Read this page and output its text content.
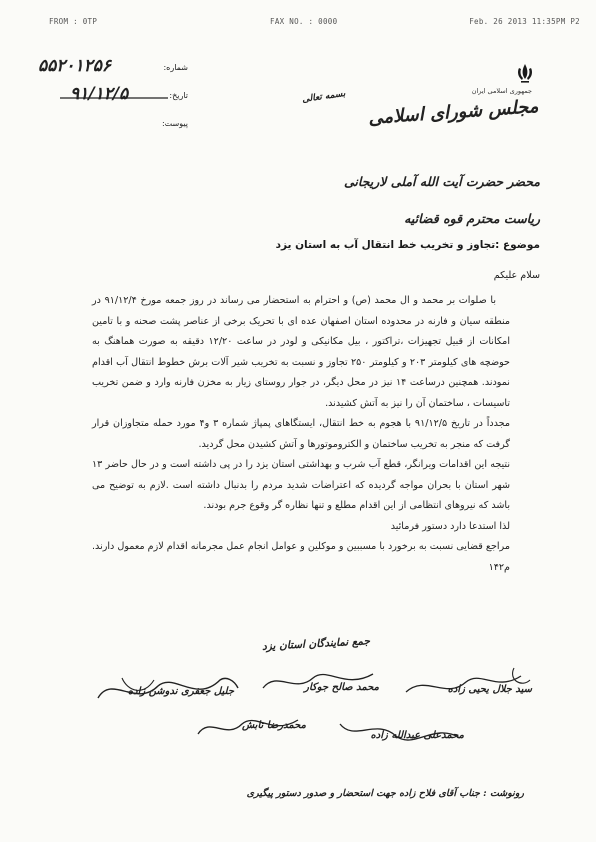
FROM : 0TP	FAX NO. : 0000	Feb. 26 2013 11:35PM P2
جمهوری اسلامی ایران
مجلس شورای اسلامی
بسمه تعالی
شماره:
۵۵۲۰۱۲۵۶
تاریخ:
۹۱/۱۲/۵
پیوست:
محضر حضرت آیت الله آملی لاریجانی
ریاست محترم قوه قضائیه
موضوع :تجاوز و تخریب خط انتقال آب به استان یزد
سلام علیکم

با صلوات بر محمد و ال محمد (ص) و احترام به استحضار می رساند در روز جمعه مورخ ۹۱/۱۲/۴ در منطقه سیان و فارنه در محدوده استان اصفهان عده ای با تحریک برخی از عناصر پشت صحنه و با تامین امکانات از قبیل تجهیزات ،تراکتور ، بیل مکانیکی و لودر در ساعت ۱۲/۲۰ دقیقه به صورت هماهنگ به حوضچه های کیلومتر ۲۰۳ و کیلومتر ۲۵۰ تجاوز و نسبت به تخریب شیر آلات برش خطوط انتقال آب اقدام نمودند. همچنین درساعت ۱۴ نیز در محل دیگر، در جوار روستای زیار به مخزن فارنه وارد و ضمن تخریب تاسیسات ، ساختمان آن را نیز به آتش کشیدند.

مجدداً در تاریخ ۹۱/۱۲/۵ با هجوم به خط انتقال، ایستگاهای پمپاژ شماره ۳ و۴ مورد حمله متجاوزان قرار گرفت که منجر به تخریب ساختمان و الکتروموتورها و آتش کشیدن محل گردید.

نتیجه این اقدامات ویرانگر، قطع آب شرب و بهداشتی استان یزد را در پی داشته است و در حال حاضر ۱۳ شهر استان با بحران مواجه گردیده که اعتراضات شدید مردم را بدنبال داشته است .لازم به توضیح می باشد که نیروهای انتظامی از این اقدام مطلع و تنها نظاره گر وقوع جرم بودند.

لذا استدعا دارد دستور فرمائید

مراجع قضایی نسبت به برخورد با مسببین و موکلین و عوامل انجام عمل مجرمانه اقدام لازم معمول دارند. م۱۴۲

جمع نمایندگان استان یزد
سید جلال یحیی زاده
محمد صالح جوکار
جلیل جعفری ندوشن زاده
محمدعلی عبدالله زاده
محمدرضا تابش
رونوشت : جناب آقای فلاح زاده جهت استحضار و صدور دستور پیگیری
